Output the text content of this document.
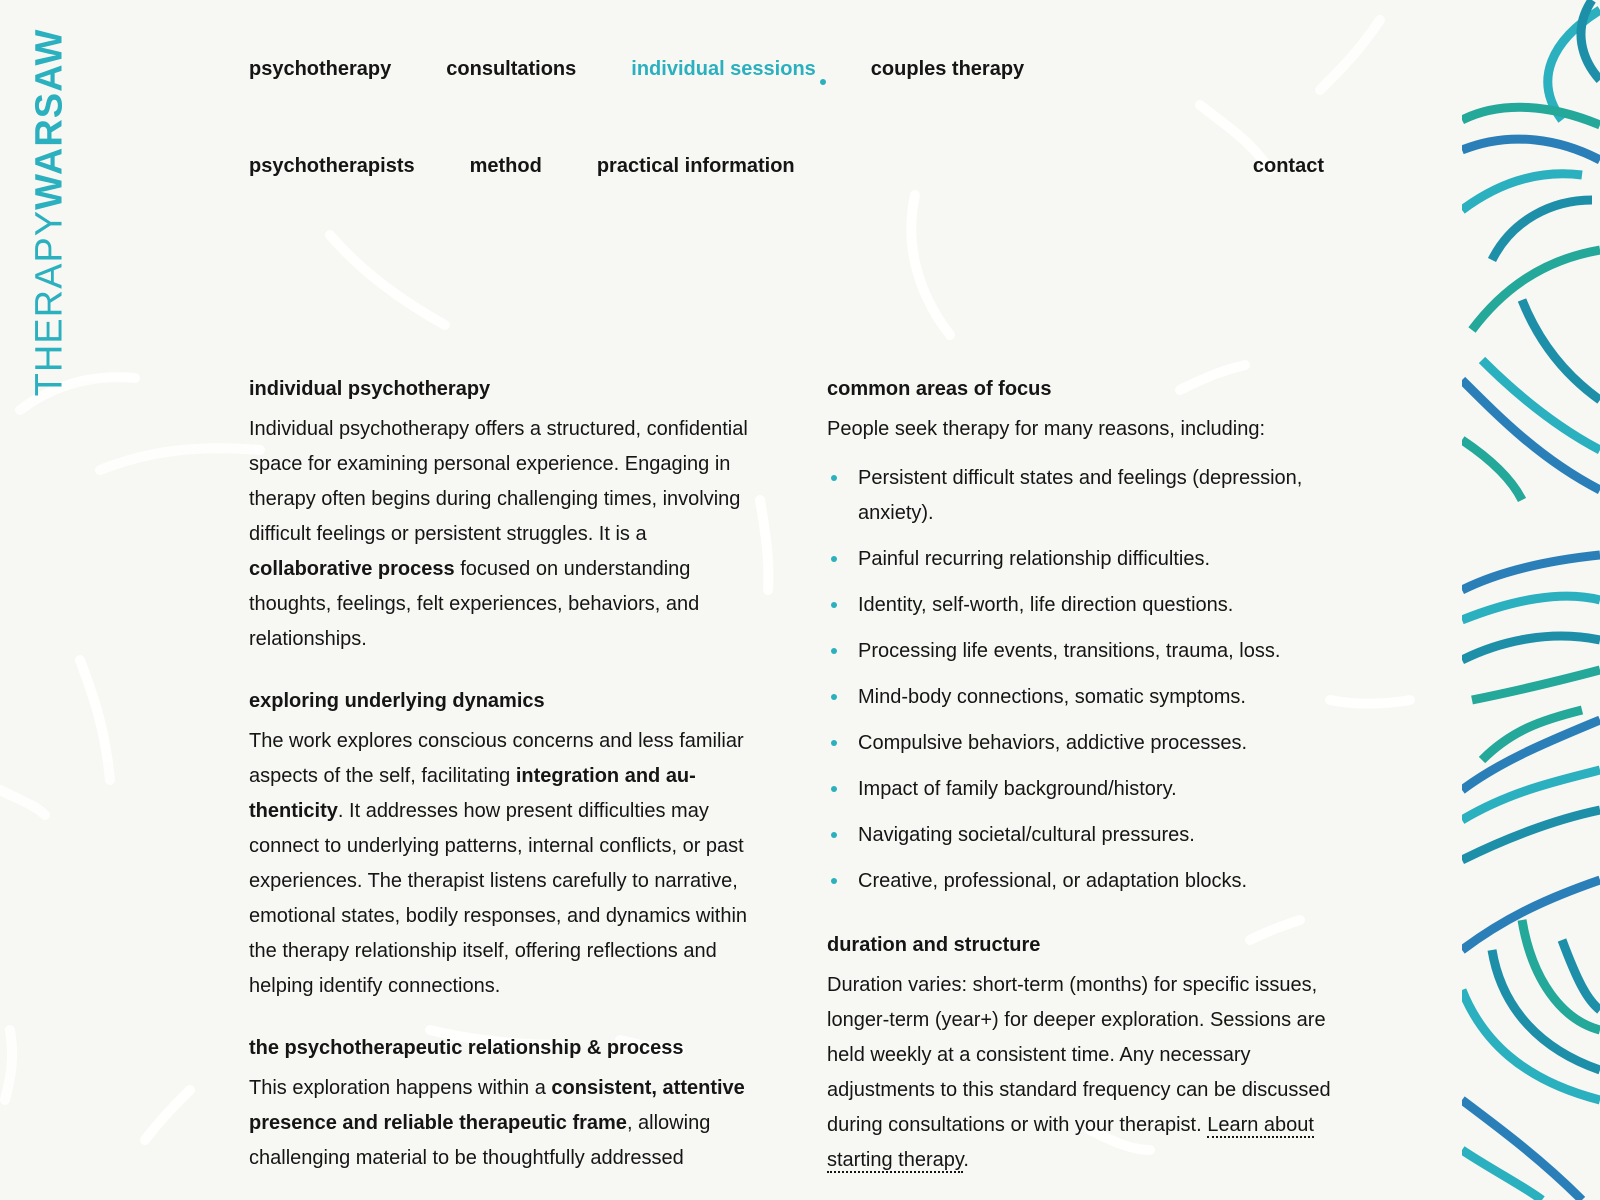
THERAPYWARSAW	psychotherapy	consultations	individual sessions	couples therapy
psychotherapists	method	practical information	contact
individual psychotherapy

Individual psychotherapy offers a structured, confidential space for examining personal experience. Engaging in therapy often begins during challenging times, involving difficult feelings or persistent struggles. It is a collaborative process focused on understanding thoughts, feelings, felt experiences, behaviors, and relationships.

exploring underlying dynamics

The work explores conscious concerns and less familiar aspects of the self, facilitating integration and authenticity. It addresses how present difficulties may connect to underlying patterns, internal conflicts, or past experiences. The therapist listens carefully to narrative, emotional states, bodily responses, and dynamics within the therapy relationship itself, offering reflections and helping identify connections.

the psychotherapeutic relationship & process

This exploration happens within a consistent, attentive presence and reliable therapeutic frame, allowing challenging material to be thoughtfully addressed

common areas of focus

People seek therapy for many reasons, including:

Persistent difficult states and feelings (depression, anxiety).
Painful recurring relationship difficulties.
Identity, self-worth, life direction questions.
Processing life events, transitions, trauma, loss.
Mind-body connections, somatic symptoms.
Compulsive behaviors, addictive processes.
Impact of family background/history.
Navigating societal/cultural pressures.
Creative, professional, or adaptation blocks.
duration and structure

Duration varies: short-term (months) for specific issues, longer-term (year+) for deeper exploration. Sessions are held weekly at a consistent time. Any necessary adjustments to this standard frequency can be discussed during consultations or with your therapist. Learn about starting therapy.
